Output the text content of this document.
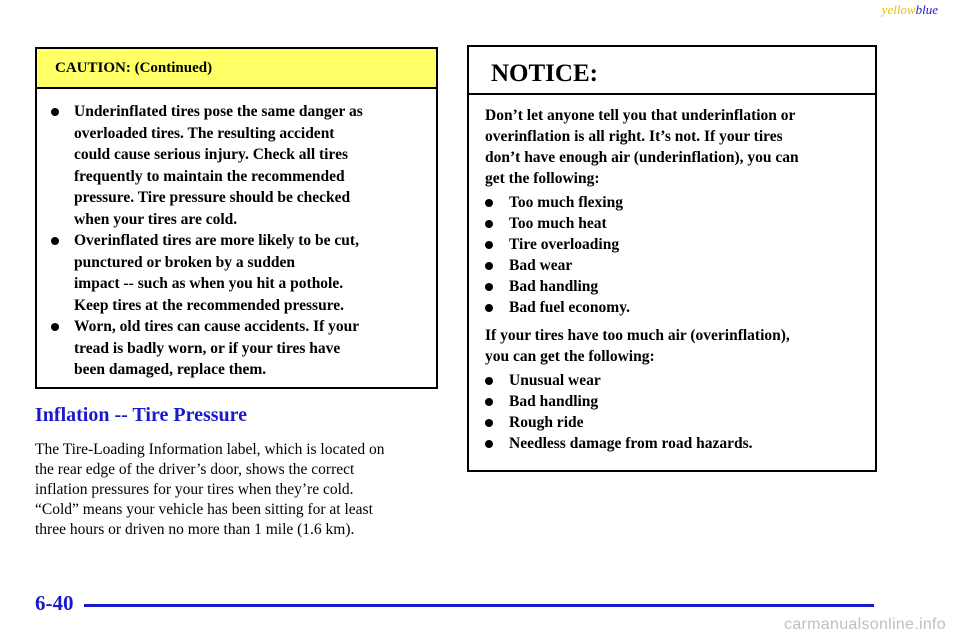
yellowblue
CAUTION: (Continued)
Underinflated tires pose the same danger as
overloaded tires. The resulting accident
could cause serious injury. Check all tires
frequently to maintain the recommended
pressure. Tire pressure should be checked
when your tires are cold.
Overinflated tires are more likely to be cut,
punctured or broken by a sudden
impact -- such as when you hit a pothole.
Keep tires at the recommended pressure.
Worn, old tires can cause accidents. If your
tread is badly worn, or if your tires have
been damaged, replace them.
Inflation -- Tire Pressure

The Tire-Loading Information label, which is located on
the rear edge of the driver’s door, shows the correct
inflation pressures for your tires when they’re cold.
“Cold” means your vehicle has been sitting for at least
three hours or driven no more than 1 mile (1.6 km).

NOTICE:

Don’t let anyone tell you that underinflation or
overinflation is all right. It’s not. If your tires
don’t have enough air (underinflation), you can
get the following:

Too much flexing
Too much heat
Tire overloading
Bad wear
Bad handling
Bad fuel economy.

If your tires have too much air (overinflation),
you can get the following:

Unusual wear
Bad handling
Rough ride
Needless damage from road hazards.
6-40
carmanualsonline.info
